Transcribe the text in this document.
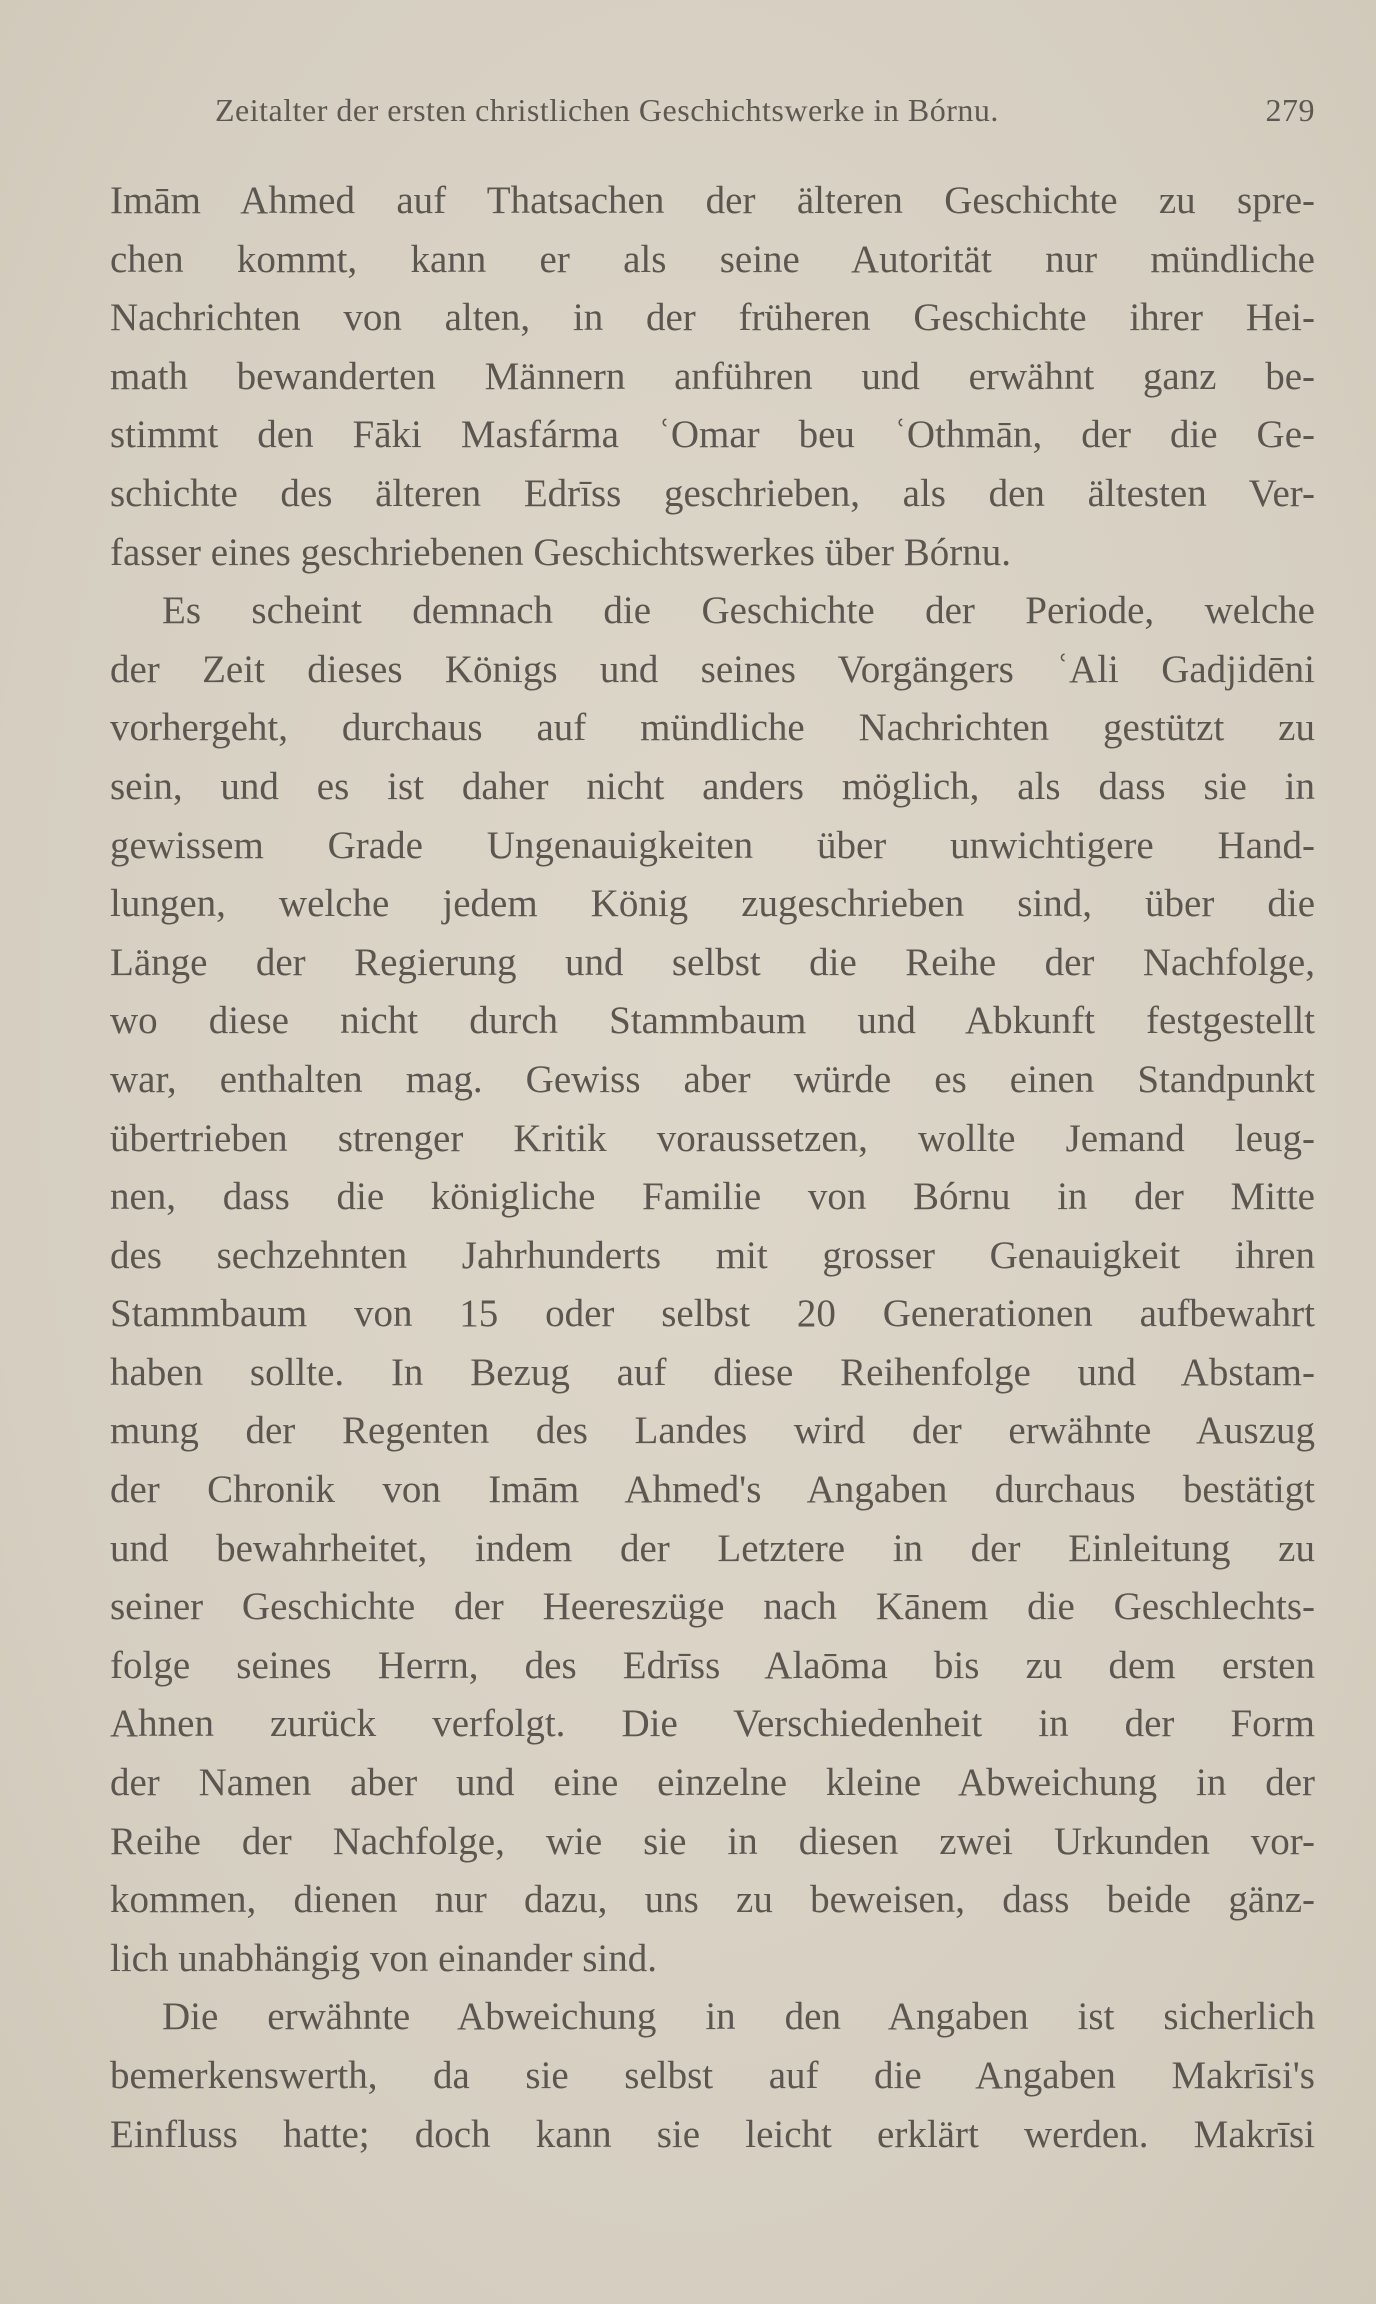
Zeitalter der ersten christlichen Geschichtswerke in Bórnu.	279
Imām Ahmed auf Thatsachen der älteren Geschichte zu spre-
chen kommt, kann er als seine Autorität nur mündliche
Nachrichten von alten, in der früheren Geschichte ihrer Hei-
math bewanderten Männern anführen und erwähnt ganz be-
stimmt den Fāki Masfárma ʿOmar beu ʿOthmān, der die Ge-
schichte des älteren Edrīss geschrieben, als den ältesten Ver-
fasser eines geschriebenen Geschichtswerkes über Bórnu.
Es scheint demnach die Geschichte der Periode, welche
der Zeit dieses Königs und seines Vorgängers ʿAli Gadjidēni
vorhergeht, durchaus auf mündliche Nachrichten gestützt zu
sein, und es ist daher nicht anders möglich, als dass sie in
gewissem Grade Ungenauigkeiten über unwichtigere Hand-
lungen, welche jedem König zugeschrieben sind, über die
Länge der Regierung und selbst die Reihe der Nachfolge,
wo diese nicht durch Stammbaum und Abkunft festgestellt
war, enthalten mag. Gewiss aber würde es einen Standpunkt
übertrieben strenger Kritik voraussetzen, wollte Jemand leug-
nen, dass die königliche Familie von Bórnu in der Mitte
des sechzehnten Jahrhunderts mit grosser Genauigkeit ihren
Stammbaum von 15 oder selbst 20 Generationen aufbewahrt
haben sollte. In Bezug auf diese Reihenfolge und Abstam-
mung der Regenten des Landes wird der erwähnte Auszug
der Chronik von Imām Ahmed's Angaben durchaus bestätigt
und bewahrheitet, indem der Letztere in der Einleitung zu
seiner Geschichte der Heereszüge nach Kānem die Geschlechts-
folge seines Herrn, des Edrīss Alaōma bis zu dem ersten
Ahnen zurück verfolgt. Die Verschiedenheit in der Form
der Namen aber und eine einzelne kleine Abweichung in der
Reihe der Nachfolge, wie sie in diesen zwei Urkunden vor-
kommen, dienen nur dazu, uns zu beweisen, dass beide gänz-
lich unabhängig von einander sind.
Die erwähnte Abweichung in den Angaben ist sicherlich
bemerkenswerth, da sie selbst auf die Angaben Makrīsi's
Einfluss hatte; doch kann sie leicht erklärt werden. Makrīsi
